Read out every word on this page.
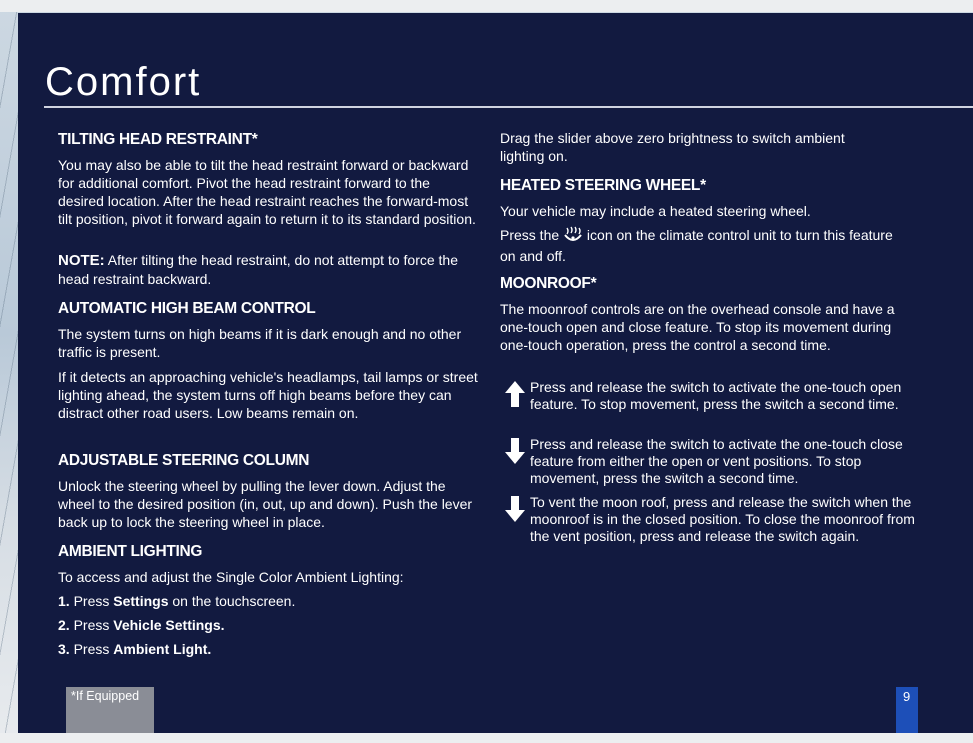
Comfort
TILTING HEAD RESTRAINT*

You may also be able to tilt the head restraint forward or backward for additional comfort. Pivot the head restraint forward to the desired location. After the head restraint reaches the forward-most tilt position, pivot it forward again to return it to its standard position.

NOTE: After tilting the head restraint, do not attempt to force the head restraint backward.

AUTOMATIC HIGH BEAM CONTROL

The system turns on high beams if it is dark enough and no other traffic is present.

If it detects an approaching vehicle's headlamps, tail lamps or street lighting ahead, the system turns off high beams before they can distract other road users. Low beams remain on.

ADJUSTABLE STEERING COLUMN

Unlock the steering wheel by pulling the lever down. Adjust the wheel to the desired position (in, out, up and down). Push the lever back up to lock the steering wheel in place.

AMBIENT LIGHTING

To access and adjust the Single Color Ambient Lighting:

1. Press Settings on the touchscreen.

2. Press Vehicle Settings.

3. Press Ambient Light.

Drag the slider above zero brightness to switch ambient lighting on.

HEATED STEERING WHEEL*

Your vehicle may include a heated steering wheel.

Press the  icon on the climate control unit to turn this feature on and off.

MOONROOF*

The moonroof controls are on the overhead console and have a one-touch open and close feature. To stop its movement during one-touch operation, press the control a second time.

Press and release the switch to activate the one-touch open feature. To stop movement, press the switch a second time.
Press and release the switch to activate the one-touch close feature from either the open or vent positions. To stop movement, press the switch a second time.
To vent the moon roof, press and release the switch when the moonroof is in the closed position. To close the moonroof from the vent position, press and release the switch again.
*If Equipped	9
